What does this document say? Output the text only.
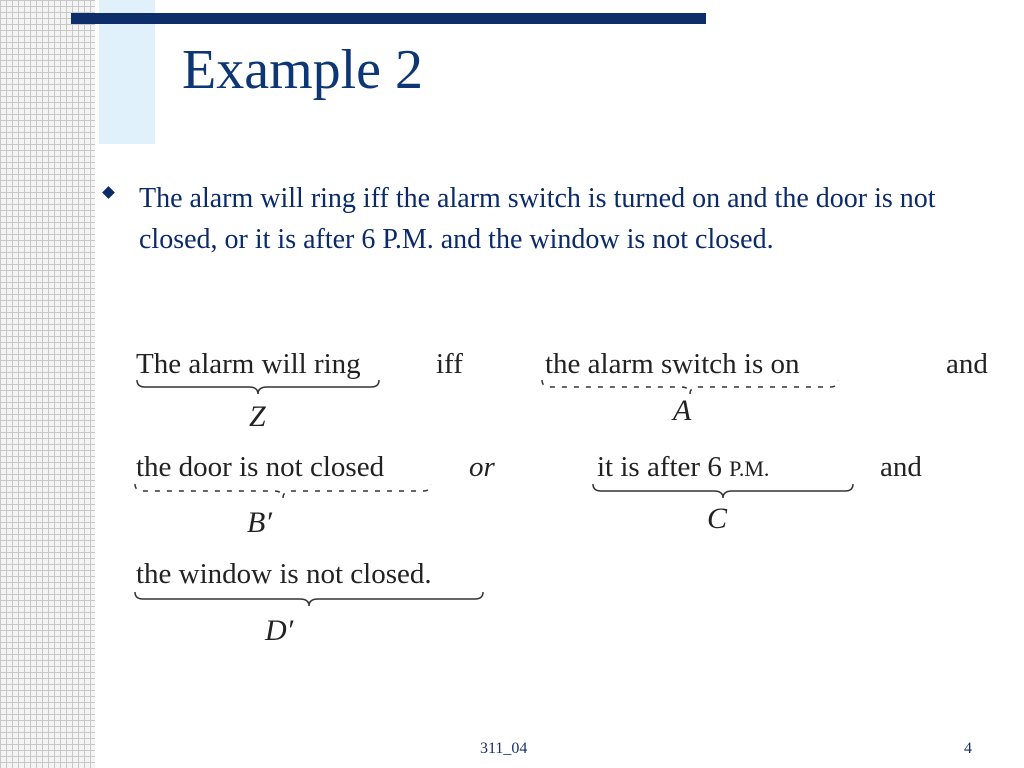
Example 2
The alarm will ring iff the alarm switch is turned on and the door is not closed, or it is after 6 P.M. and the window is not closed.
The alarm will ring	iff	the alarm switch is on	and
Z	A
the door is not closed	or	it is after 6 P.M.	and
B′	C
the window is not closed.
D′
311_04	4
